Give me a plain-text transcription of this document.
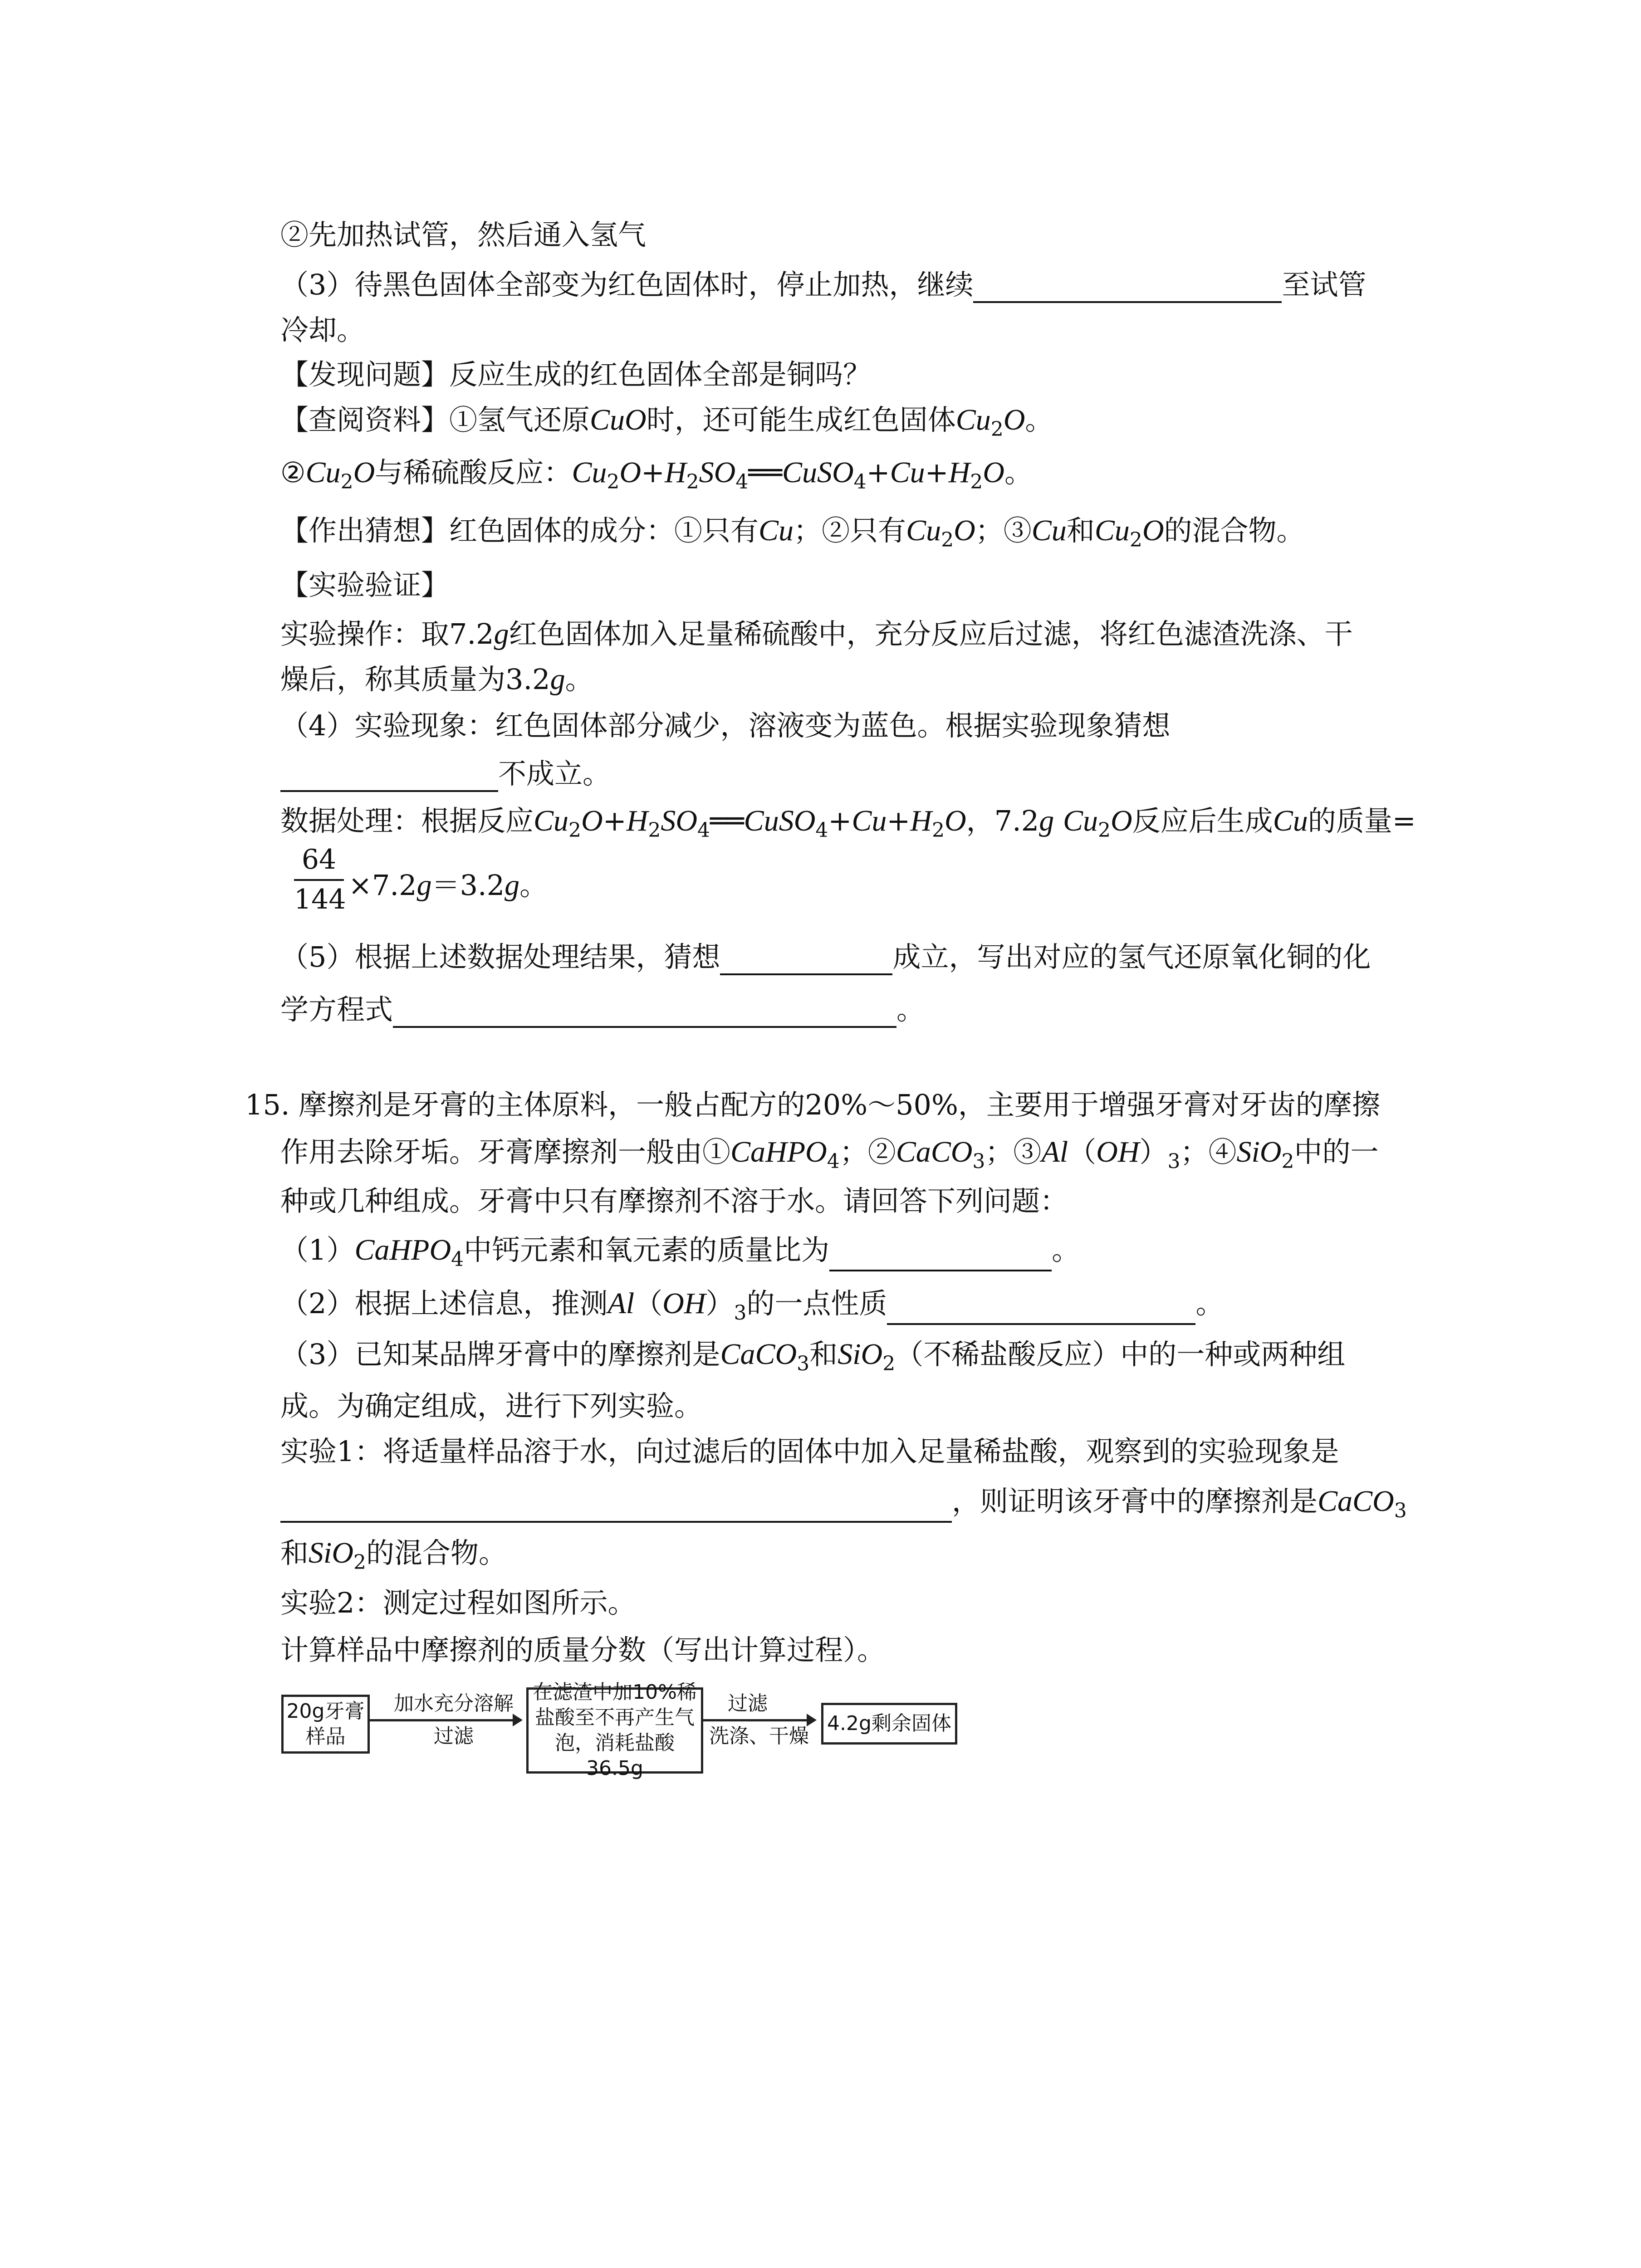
②先加热试管，然后通入氢气
（3）待黑色固体全部变为红色固体时，停止加热，继续	至试管
冷却。
【发现问题】反应生成的红色固体全部是铜吗？
【查阅资料】①氢气还原CuO时，还可能生成红色固体$Cu_2O$。
$②Cu_2O$与稀硫酸反应：$Cu_2O+H_2SO_4══CuSO_4+Cu+H_2O$。
【作出猜想】红色固体的成分：①只有Cu；②只有$Cu_2O$；③Cu和$Cu_2O$的混合物。
【实验验证】
实验操作：取7.2g红色固体加入足量稀硫酸中，充分反应后过滤，将红色滤渣洗涤、干
燥后，称其质量为3.2g。
（4）实验现象：红色固体部分减少，溶液变为蓝色。根据实验现象猜想
不成立。
数据处理：根据反应$Cu_2O+H_2SO_4══CuSO_4+Cu+H_2O$，7.2g $Cu_2O$反应后生成Cu的质量=
64
144 ×7.2g＝3.2g。
（5）根据上述数据处理结果，猜想	成立，写出对应的氢气还原氧化铜的化
学方程式	。
15. 摩擦剂是牙膏的主体原料，一般占配方的20%～50%，主要用于增强牙膏对牙齿的摩擦
作用去除牙垢。牙膏摩擦剂一般由①CaHPO$_4$；②CaCO$_3$；$③Al(OH)_3$；④SiO$_2$中的一
种或几种组成。牙膏中只有摩擦剂不溶于水。请回答下列问题：
（1）CaHPO$_4$中钙元素和氧元素的质量比为	。
（2）根据上述信息，推测$Al(OH)_3$的一点性质	。
（3）已知某品牌牙膏中的摩擦剂是CaCO$_3$和SiO$_2$（不稀盐酸反应）中的一种或两种组
成。为确定组成，进行下列实验。
实验1：将适量样品溶于水，向过滤后的固体中加入足量稀盐酸，观察到的实验现象是
，则证明该牙膏中的摩擦剂是CaCO$_3$
和SiO$_2$的混合物。
实验2：测定过程如图所示。
计算样品中摩擦剂的质量分数（写出计算过程）。
20g牙膏
样品
加水充分溶解
过滤
在滤渣中加10%稀
盐酸至不再产生气
泡，消耗盐酸36.5g
过滤
洗涤、干燥
4.2g剩余固体
